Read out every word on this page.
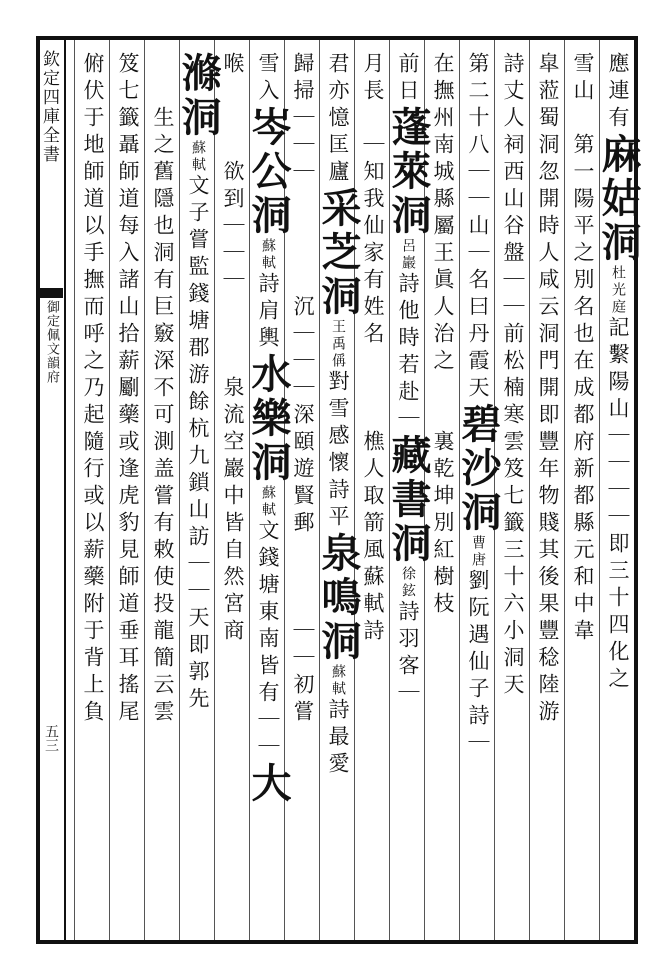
欽定四庫全書
御定佩文韻府
五三
應連有麻姑洞杜光庭記繫陽山｜｜｜｜即三十四化之
雪山　第一陽平之別名也在成都府新都縣元和中韋
皐蒞蜀洞忽開時人咸云洞門開即豐年物賤其後果豐稔陸游
詩丈人祠西山谷盤｜｜前松楠寒雲笈七籤三十六小洞天
第二十八｜｜山｜名曰丹霞天碧沙洞曹唐劉阮遇仙子詩｜
在撫州南城縣屬王眞人治之　　裏乾坤別紅樹枝
前日蓬萊洞呂巖詩他時若赴｜藏書洞徐鉉詩羽客｜
月長　｜知我仙家有姓名　　　樵人取箭風蘇軾詩
君亦憶匡廬采芝洞王禹偁對雪感懷詩平泉鳴洞蘇軾詩最愛
歸掃｜｜｜　　　　沉｜｜｜深頤遊賢郵　　　｜｜初嘗
雪入岑公洞蘇軾詩肩輿水樂洞蘇軾文錢塘東南皆有｜｜大
喉　　　欲到｜｜｜　　　泉流空巖中皆自然宮商
滌洞蘇軾文子嘗監錢塘郡游餘杭九鎖山訪｜｜天即郭先
　　生之舊隱也洞有巨竅深不可測盖嘗有敕使投龍簡云雲
笈七籤聶師道每入諸山拾薪劚藥或逢虎豹見師道垂耳搖尾
俯伏于地師道以手撫而呼之乃起隨行或以薪藥附于背上負
